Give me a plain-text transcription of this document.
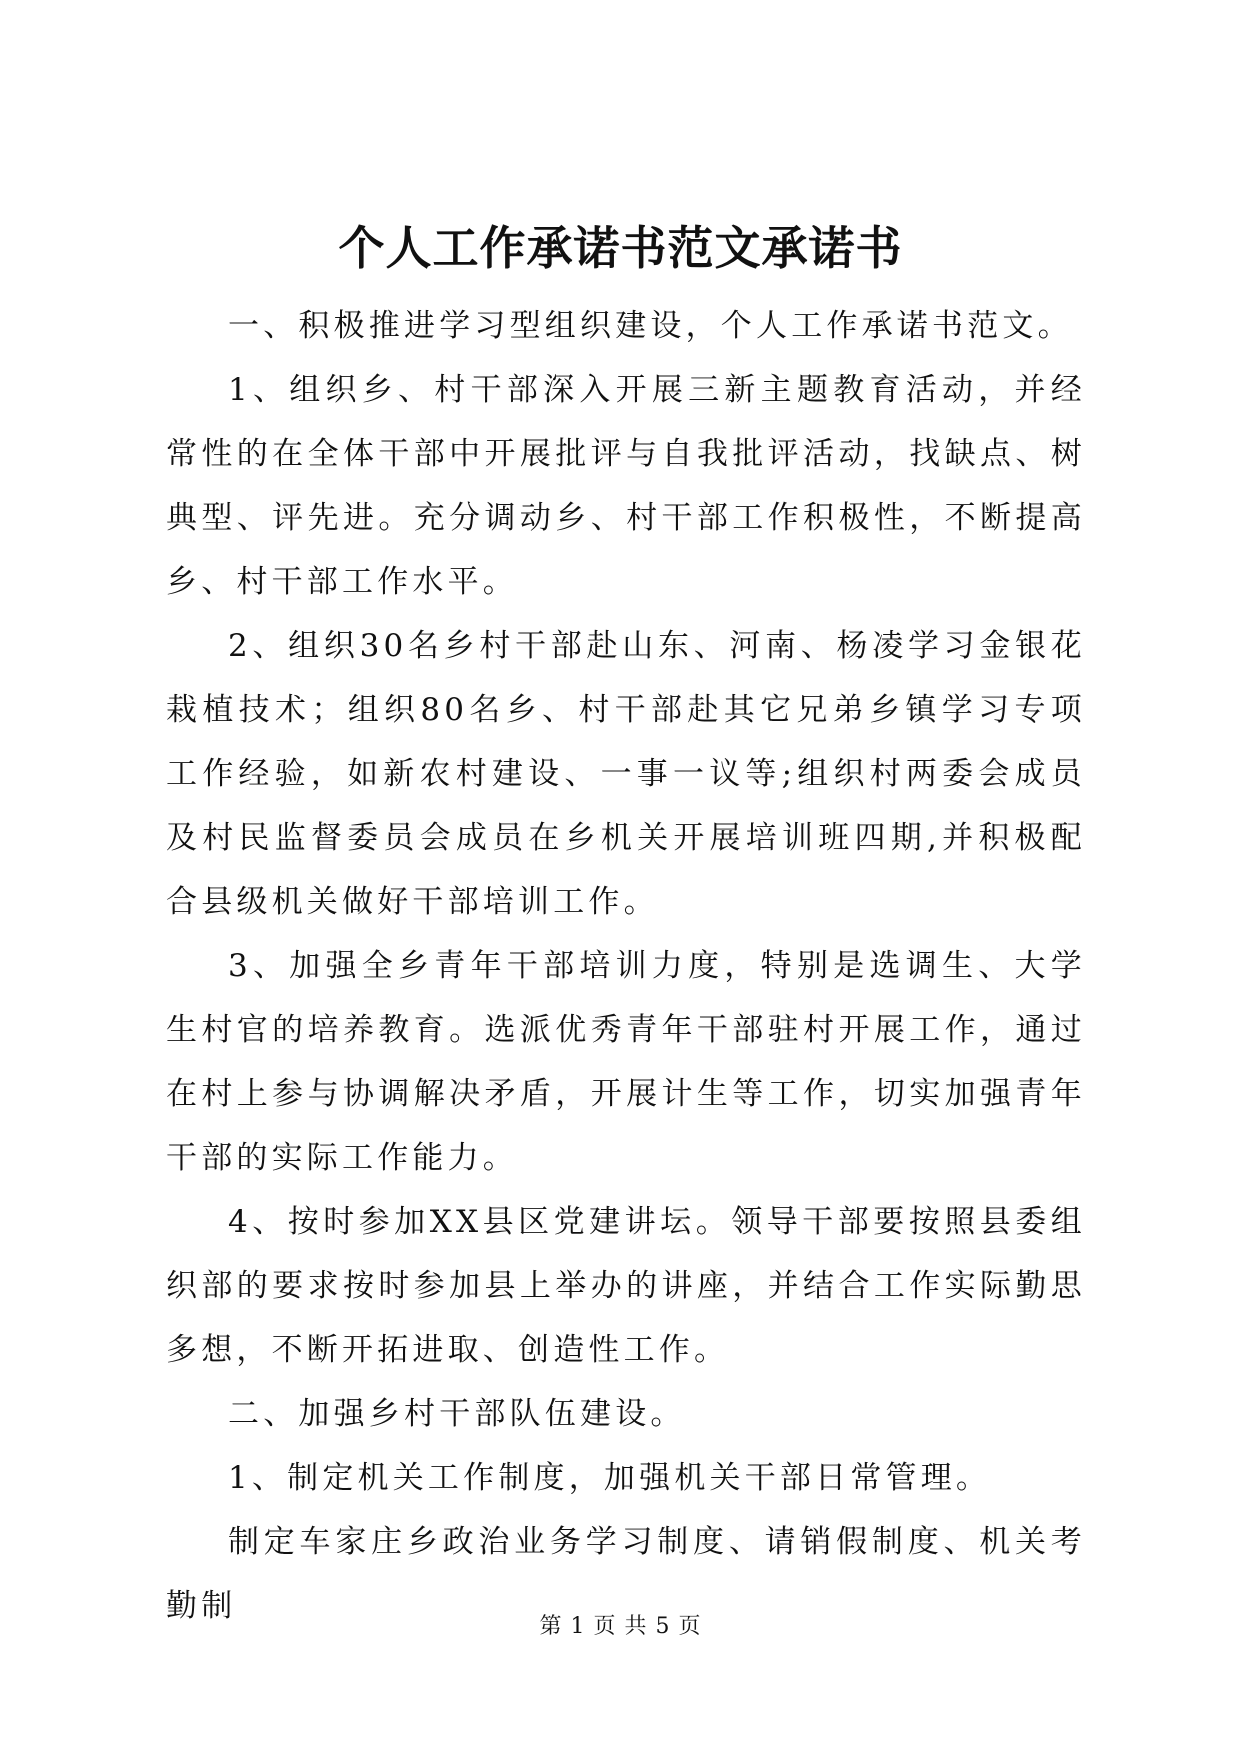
个人工作承诺书范文承诺书

一、积极推进学习型组织建设，个人工作承诺书范文。

1、组织乡、村干部深入开展三新主题教育活动，并经常性的在全体干部中开展批评与自我批评活动，找缺点、树典型、评先进。充分调动乡、村干部工作积极性，不断提高乡、村干部工作水平。

2、组织30名乡村干部赴山东、河南、杨凌学习金银花栽植技术；组织80名乡、村干部赴其它兄弟乡镇学习专项工作经验，如新农村建设、一事一议等;组织村两委会成员及村民监督委员会成员在乡机关开展培训班四期,并积极配合县级机关做好干部培训工作。

3、加强全乡青年干部培训力度，特别是选调生、大学生村官的培养教育。选派优秀青年干部驻村开展工作，通过在村上参与协调解决矛盾，开展计生等工作，切实加强青年干部的实际工作能力。

4、按时参加XX县区党建讲坛。领导干部要按照县委组织部的要求按时参加县上举办的讲座，并结合工作实际勤思多想，不断开拓进取、创造性工作。

二、加强乡村干部队伍建设。

1、制定机关工作制度，加强机关干部日常管理。

制定车家庄乡政治业务学习制度、请销假制度、机关考勤制

第 1 页 共 5 页
